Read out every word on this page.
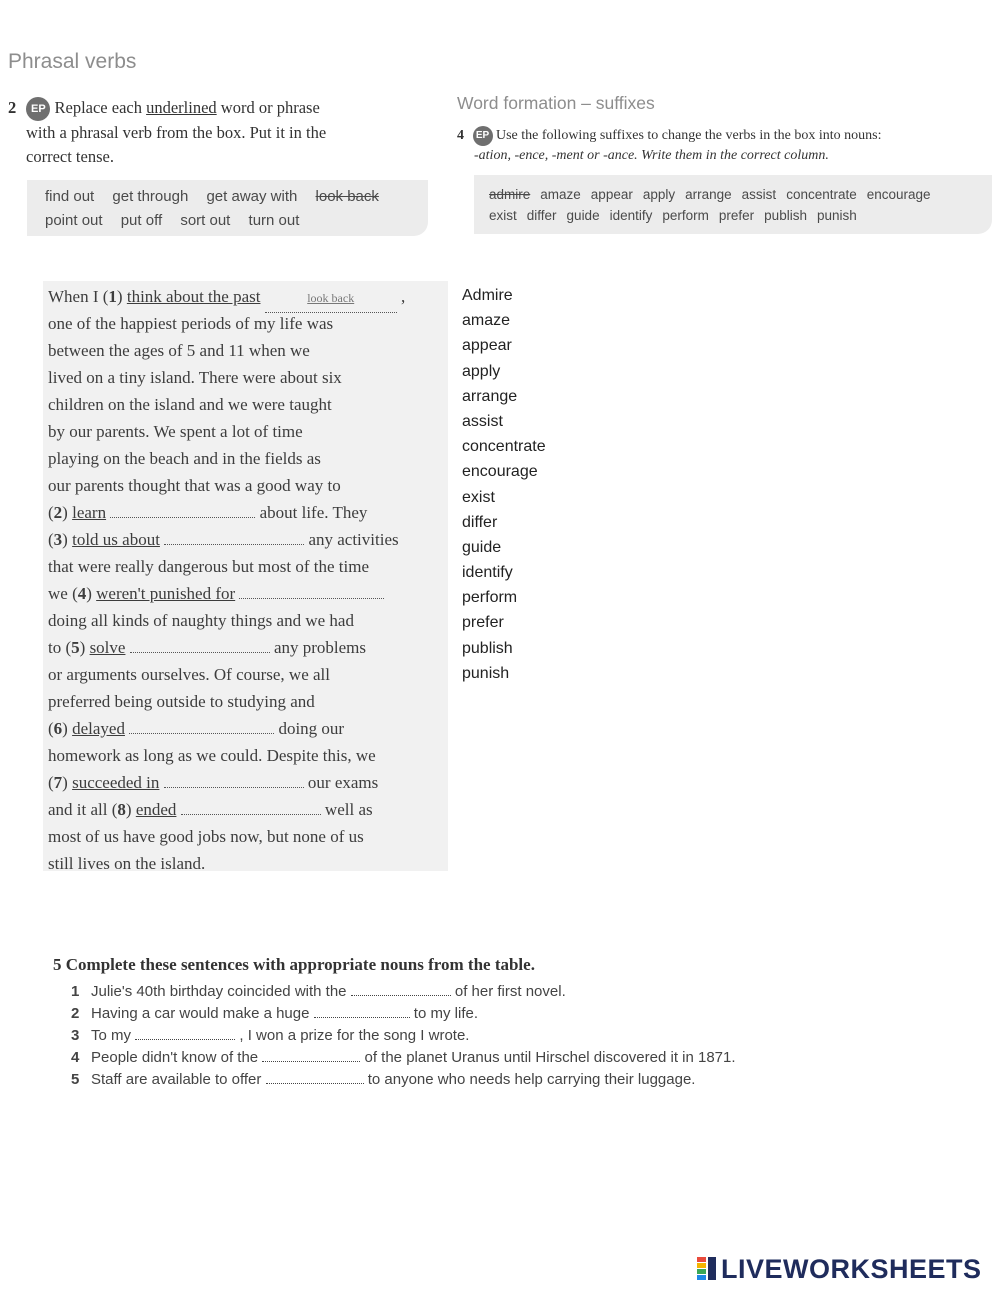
Phrasal verbs
2 EP Replace each underlined word or phrase
with a phrasal verb from the box. Put it in the
correct tense.
find out get through get away with look back
point out put off sort out turn out
Word formation – suffixes
4 EP Use the following suffixes to change the verbs in the box into nouns:
-ation, -ence, -ment or -ance. Write them in the correct column.
admire amaze appear apply arrange assist concentrate encourage
exist differ guide identify perform prefer publish punish
When I (1) think about the past	look back	,
one of the happiest periods of my life was
between the ages of 5 and 11 when we
lived on a tiny island. There were about six
children on the island and we were taught
by our parents. We spent a lot of time
playing on the beach and in the fields as
our parents thought that was a good way to
(2) learn	about life. They
(3) told us about	any activities
that were really dangerous but most of the time
we (4) weren't punished for
doing all kinds of naughty things and we had
to (5) solve	any problems
or arguments ourselves. Of course, we all
preferred being outside to studying and
(6) delayed	doing our
homework as long as we could. Despite this, we
(7) succeeded in	our exams
and it all (8) ended	well as
most of us have good jobs now, but none of us
still lives on the island.
Admire
amaze
appear
apply
arrange
assist
concentrate
encourage
exist
differ
guide
identify
perform
prefer
publish
punish
5 Complete these sentences with appropriate nouns from the table.
1 Julie's 40th birthday coincided with the	of her first novel.
2 Having a car would make a huge	to my life.
3 To my	, I won a prize for the song I wrote.
4 People didn't know of the	of the planet Uranus until Hirschel discovered it in 1871.
5 Staff are available to offer	to anyone who needs help carrying their luggage.
LIVEWORKSHEETS
